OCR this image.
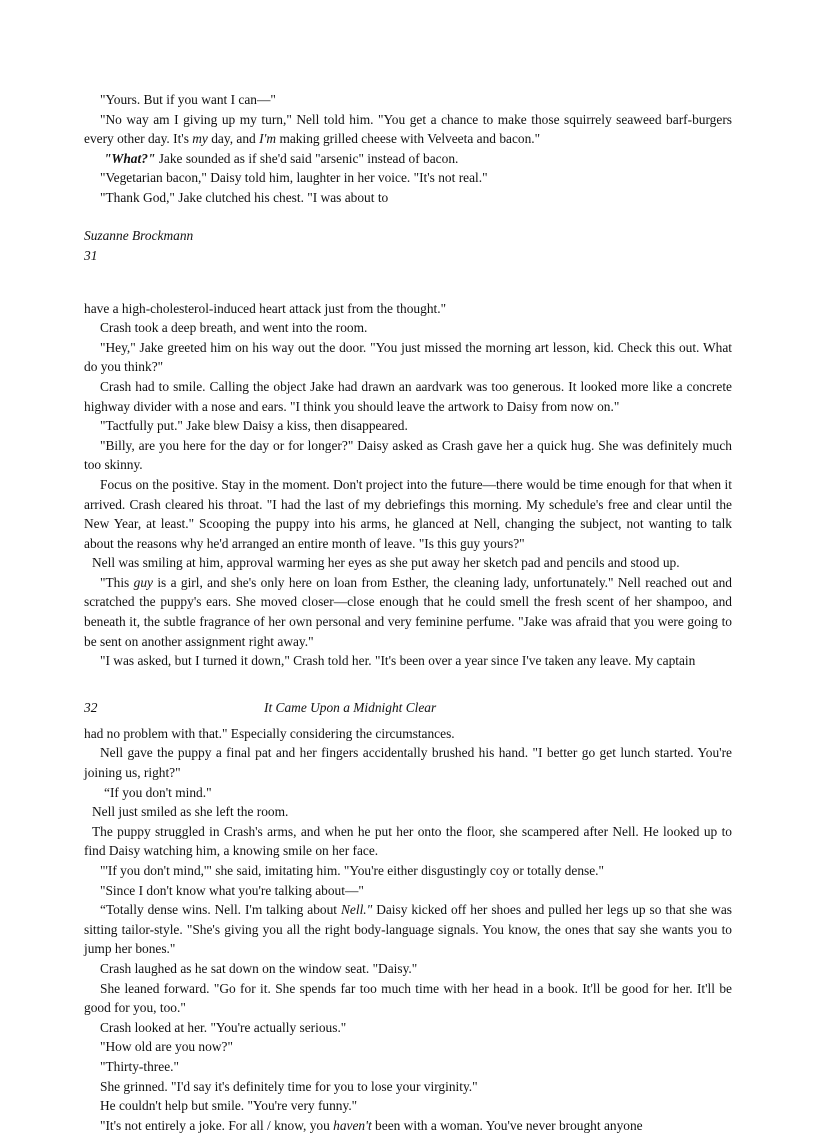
"Yours. But if you want I can—"

"No way am I giving up my turn," Nell told him. "You get a chance to make those squirrely seaweed barf-burgers every other day. It's my day, and I'm making grilled cheese with Velveeta and bacon."

"What?" Jake sounded as if she'd said "arsenic" instead of bacon.

"Vegetarian bacon," Daisy told him, laughter in her voice. "It's not real."

"Thank God," Jake clutched his chest. "I was about to

Suzanne Brockmann

31

have a high-cholesterol-induced heart attack just from the thought."

Crash took a deep breath, and went into the room.

"Hey," Jake greeted him on his way out the door. "You just missed the morning art lesson, kid. Check this out. What do you think?"

Crash had to smile. Calling the object Jake had drawn an aardvark was too generous. It looked more like a concrete highway divider with a nose and ears. "I think you should leave the artwork to Daisy from now on."

"Tactfully put." Jake blew Daisy a kiss, then disappeared.

"Billy, are you here for the day or for longer?" Daisy asked as Crash gave her a quick hug. She was definitely much too skinny.

Focus on the positive. Stay in the moment. Don't project into the future—there would be time enough for that when it arrived. Crash cleared his throat. "I had the last of my debriefings this morning. My schedule's free and clear until the New Year, at least." Scooping the puppy into his arms, he glanced at Nell, changing the subject, not wanting to talk about the reasons why he'd arranged an entire month of leave. "Is this guy yours?"

Nell was smiling at him, approval warming her eyes as she put away her sketch pad and pencils and stood up.

"This guy is a girl, and she's only here on loan from Esther, the cleaning lady, unfortunately." Nell reached out and scratched the puppy's ears. She moved closer—close enough that he could smell the fresh scent of her shampoo, and beneath it, the subtle fragrance of her own personal and very feminine perfume. "Jake was afraid that you were going to be sent on another assignment right away."

"I was asked, but I turned it down," Crash told her. "It's been over a year since I've taken any leave. My captain

32	It Came Upon a Midnight Clear

had no problem with that." Especially considering the circumstances.

Nell gave the puppy a final pat and her fingers accidentally brushed his hand. "I better go get lunch started. You're joining us, right?"

“If you don't mind."

Nell just smiled as she left the room.

The puppy struggled in Crash's arms, and when he put her onto the floor, she scampered after Nell. He looked up to find Daisy watching him, a knowing smile on her face.

"'If you don't mind,'" she said, imitating him. "You're either disgustingly coy or totally dense."

"Since I don't know what you're talking about—"

“Totally dense wins. Nell. I'm talking about Nell." Daisy kicked off her shoes and pulled her legs up so that she was sitting tailor-style. "She's giving you all the right body-language signals. You know, the ones that say she wants you to jump her bones."

Crash laughed as he sat down on the window seat. "Daisy."

She leaned forward. "Go for it. She spends far too much time with her head in a book. It'll be good for her. It'll be good for you, too."

Crash looked at her. "You're actually serious."

"How old are you now?"

"Thirty-three."

She grinned. "I'd say it's definitely time for you to lose your virginity."

He couldn't help but smile. "You're very funny."

"It's not entirely a joke. For all / know, you haven't been with a woman. You've never brought anyone
